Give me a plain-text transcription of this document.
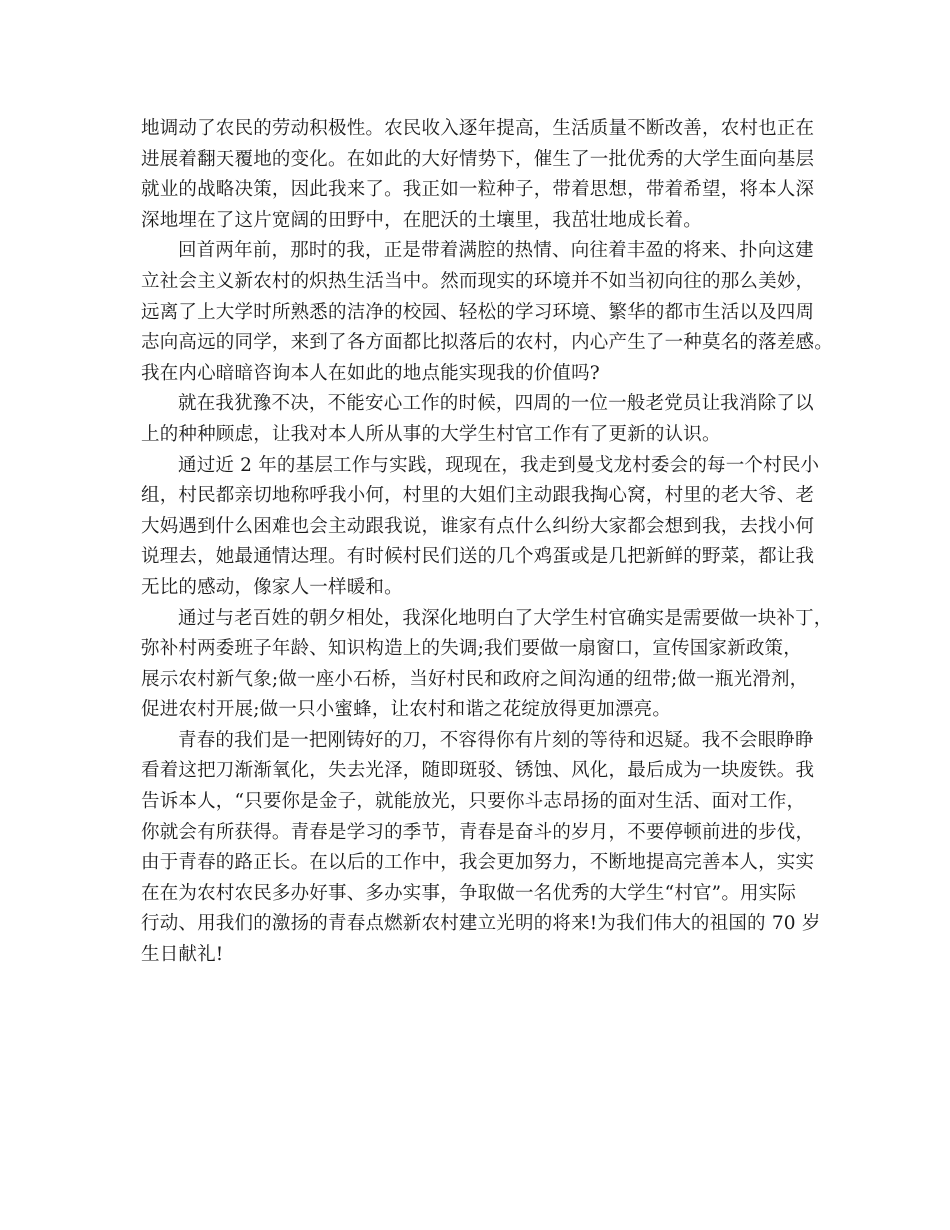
地调动了农民的劳动积极性。农民收入逐年提高，生活质量不断改善，农村也正在
进展着翻天覆地的变化。在如此的大好情势下，催生了一批优秀的大学生面向基层
就业的战略决策，因此我来了。我正如一粒种子，带着思想，带着希望，将本人深
深地埋在了这片宽阔的田野中，在肥沃的土壤里，我茁壮地成长着。
回首两年前，那时的我，正是带着满腔的热情、向往着丰盈的将来、扑向这建
立社会主义新农村的炽热生活当中。然而现实的环境并不如当初向往的那么美妙，
远离了上大学时所熟悉的洁净的校园、轻松的学习环境、繁华的都市生活以及四周
志向高远的同学，来到了各方面都比拟落后的农村，内心产生了一种莫名的落差感。
我在内心暗暗咨询本人在如此的地点能实现我的价值吗?
就在我犹豫不决，不能安心工作的时候，四周的一位一般老党员让我消除了以
上的种种顾虑，让我对本人所从事的大学生村官工作有了更新的认识。
通过近 2 年的基层工作与实践，现现在，我走到曼戈龙村委会的每一个村民小
组，村民都亲切地称呼我小何，村里的大姐们主动跟我掏心窝，村里的老大爷、老
大妈遇到什么困难也会主动跟我说，谁家有点什么纠纷大家都会想到我，去找小何
说理去，她最通情达理。有时候村民们送的几个鸡蛋或是几把新鲜的野菜，都让我
无比的感动，像家人一样暖和。
通过与老百姓的朝夕相处，我深化地明白了大学生村官确实是需要做一块补丁，
弥补村两委班子年龄、知识构造上的失调;我们要做一扇窗口，宣传国家新政策，
展示农村新气象;做一座小石桥，当好村民和政府之间沟通的纽带;做一瓶光滑剂，
促进农村开展;做一只小蜜蜂，让农村和谐之花绽放得更加漂亮。
青春的我们是一把刚铸好的刀，不容得你有片刻的等待和迟疑。我不会眼睁睁
看着这把刀渐渐氧化，失去光泽，随即斑驳、锈蚀、风化，最后成为一块废铁。我
告诉本人，“只要你是金子，就能放光，只要你斗志昂扬的面对生活、面对工作，
你就会有所获得。青春是学习的季节，青春是奋斗的岁月，不要停顿前进的步伐，
由于青春的路正长。在以后的工作中，我会更加努力，不断地提高完善本人，实实
在在为农村农民多办好事、多办实事，争取做一名优秀的大学生“村官”。用实际
行动、用我们的激扬的青春点燃新农村建立光明的将来!为我们伟大的祖国的 70 岁
生日献礼!
